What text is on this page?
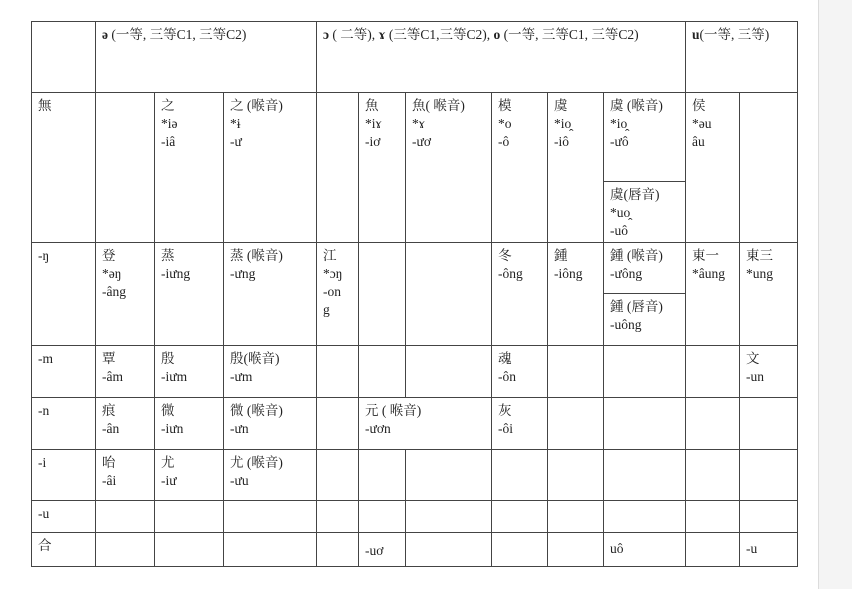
	ə (一等, 三等C1, 三等C2)			ɔ ( 二等), ɤ (三等C1,三等C2), o (一等, 三等C1, 三等C2)						u(一等, 三等)	

無		之
*iə
-iâ	之 (喉音)
*ɨ
-ư		魚
*iɤ
-iơ	魚( 喉音)
*ɤ
-ươ	模
*o
-ô	虞
*io̭
-iô	虞 (喉音)
*io̭
-ưô	侯
*əu
âu	

									虞(唇音)
*uo̭
-uô		

-ŋ	登
*əŋ
-âng	蒸
-iưng	蒸 (喉音)
-ưng	江
*ɔŋ
-on
g			冬
-ông	鍾
-iông	鍾 (喉音)
-ưông	東一
*âung	東三
*ung

									鍾 (唇音)
-uông		

-m	覃
-âm	殷
-iưm	殷(喉音)
-ưm				魂
-ôn				文
-un

-n	痕
-ân	微
-iưn	微 (喉音)
-ưn		元 ( 喉音)
-ươn		灰
-ôi				

-i	咍
-âi	尤
-iư	尤 (喉音)
-ưu								

-u											

合					-uơ				uô		-u
